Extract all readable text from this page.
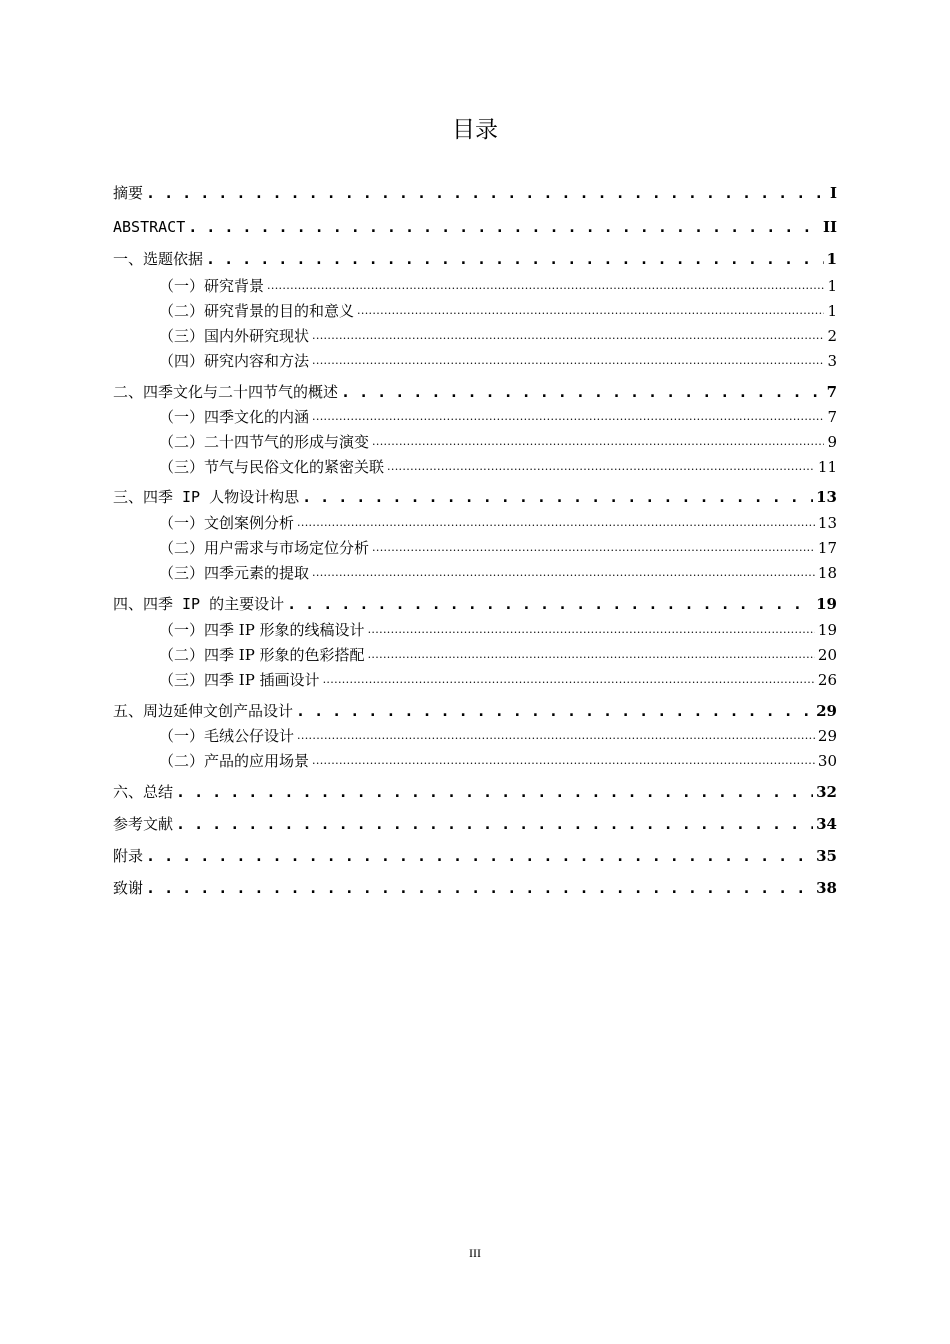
目录
摘要 . . .	I
ABSTRACT . . .	II
一、选题依据 . . .	1
（一）研究背景 .....	1
（二）研究背景的目的和意义 .....	1
（三）国内外研究现状 .....	2
（四）研究内容和方法 .....	3
二、四季文化与二十四节气的概述 . . .	7
（一）四季文化的内涵 .....	7
（二）二十四节气的形成与演变 .....	9
（三）节气与民俗文化的紧密关联 .....	11
三、四季 IP 人物设计构思 . . .	13
（一）文创案例分析 .....	13
（二）用户需求与市场定位分析 .....	17
（三）四季元素的提取 .....	18
四、四季 IP 的主要设计 . . .	19
（一）四季 IP 形象的线稿设计 .....	19
（二）四季 IP 形象的色彩搭配 .....	20
（三）四季 IP 插画设计 .....	26
五、周边延伸文创产品设计 . . .	29
（一）毛绒公仔设计 .....	29
（二）产品的应用场景 .....	30
六、总结 . . .	32
参考文献 . . .	34
附录 . . .	35
致谢 . . .	38
III
